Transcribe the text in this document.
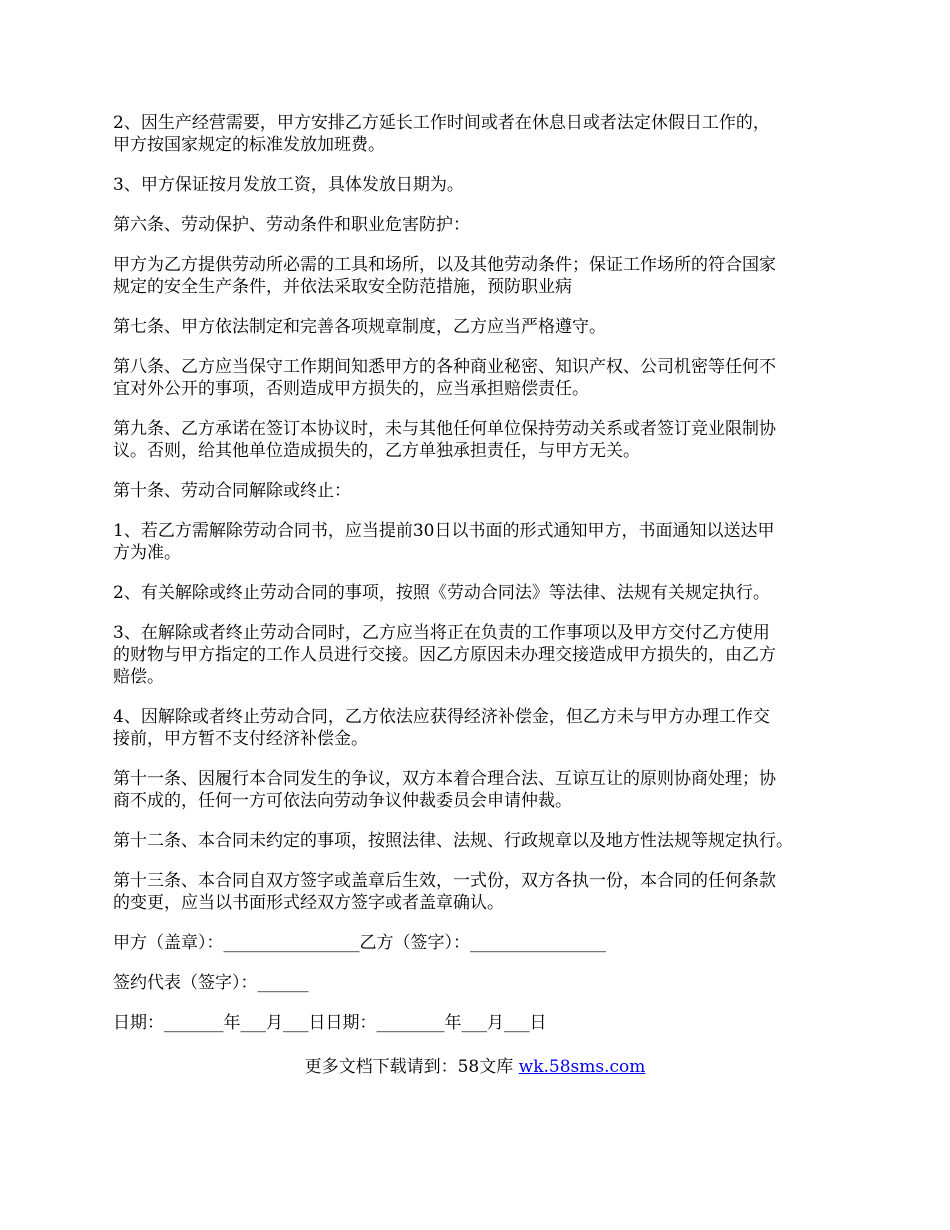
2、因生产经营需要，甲方安排乙方延长工作时间或者在休息日或者法定休假日工作的，
甲方按国家规定的标准发放加班费。
3、甲方保证按月发放工资，具体发放日期为。
第六条、劳动保护、劳动条件和职业危害防护：
甲方为乙方提供劳动所必需的工具和场所，以及其他劳动条件；保证工作场所的符合国家
规定的安全生产条件，并依法采取安全防范措施，预防职业病
第七条、甲方依法制定和完善各项规章制度，乙方应当严格遵守。
第八条、乙方应当保守工作期间知悉甲方的各种商业秘密、知识产权、公司机密等任何不
宜对外公开的事项，否则造成甲方损失的，应当承担赔偿责任。
第九条、乙方承诺在签订本协议时，未与其他任何单位保持劳动关系或者签订竞业限制协
议。否则，给其他单位造成损失的，乙方单独承担责任，与甲方无关。
第十条、劳动合同解除或终止：
1、若乙方需解除劳动合同书，应当提前30日以书面的形式通知甲方，书面通知以送达甲
方为准。
2、有关解除或终止劳动合同的事项，按照《劳动合同法》等法律、法规有关规定执行。
3、在解除或者终止劳动合同时，乙方应当将正在负责的工作事项以及甲方交付乙方使用
的财物与甲方指定的工作人员进行交接。因乙方原因未办理交接造成甲方损失的，由乙方
赔偿。
4、因解除或者终止劳动合同，乙方依法应获得经济补偿金，但乙方未与甲方办理工作交
接前，甲方暂不支付经济补偿金。
第十一条、因履行本合同发生的争议，双方本着合理合法、互谅互让的原则协商处理；协
商不成的，任何一方可依法向劳动争议仲裁委员会申请仲裁。
第十二条、本合同未约定的事项，按照法律、法规、行政规章以及地方性法规等规定执行。
第十三条、本合同自双方签字或盖章后生效，一式份，双方各执一份，本合同的任何条款
的变更，应当以书面形式经双方签字或者盖章确认。
甲方（盖章）：________________乙方（签字）：________________
签约代表（签字）：______
日期：_______年___月___日日期：________年___月___日
更多文档下载请到：58文库 wk.58sms.com
